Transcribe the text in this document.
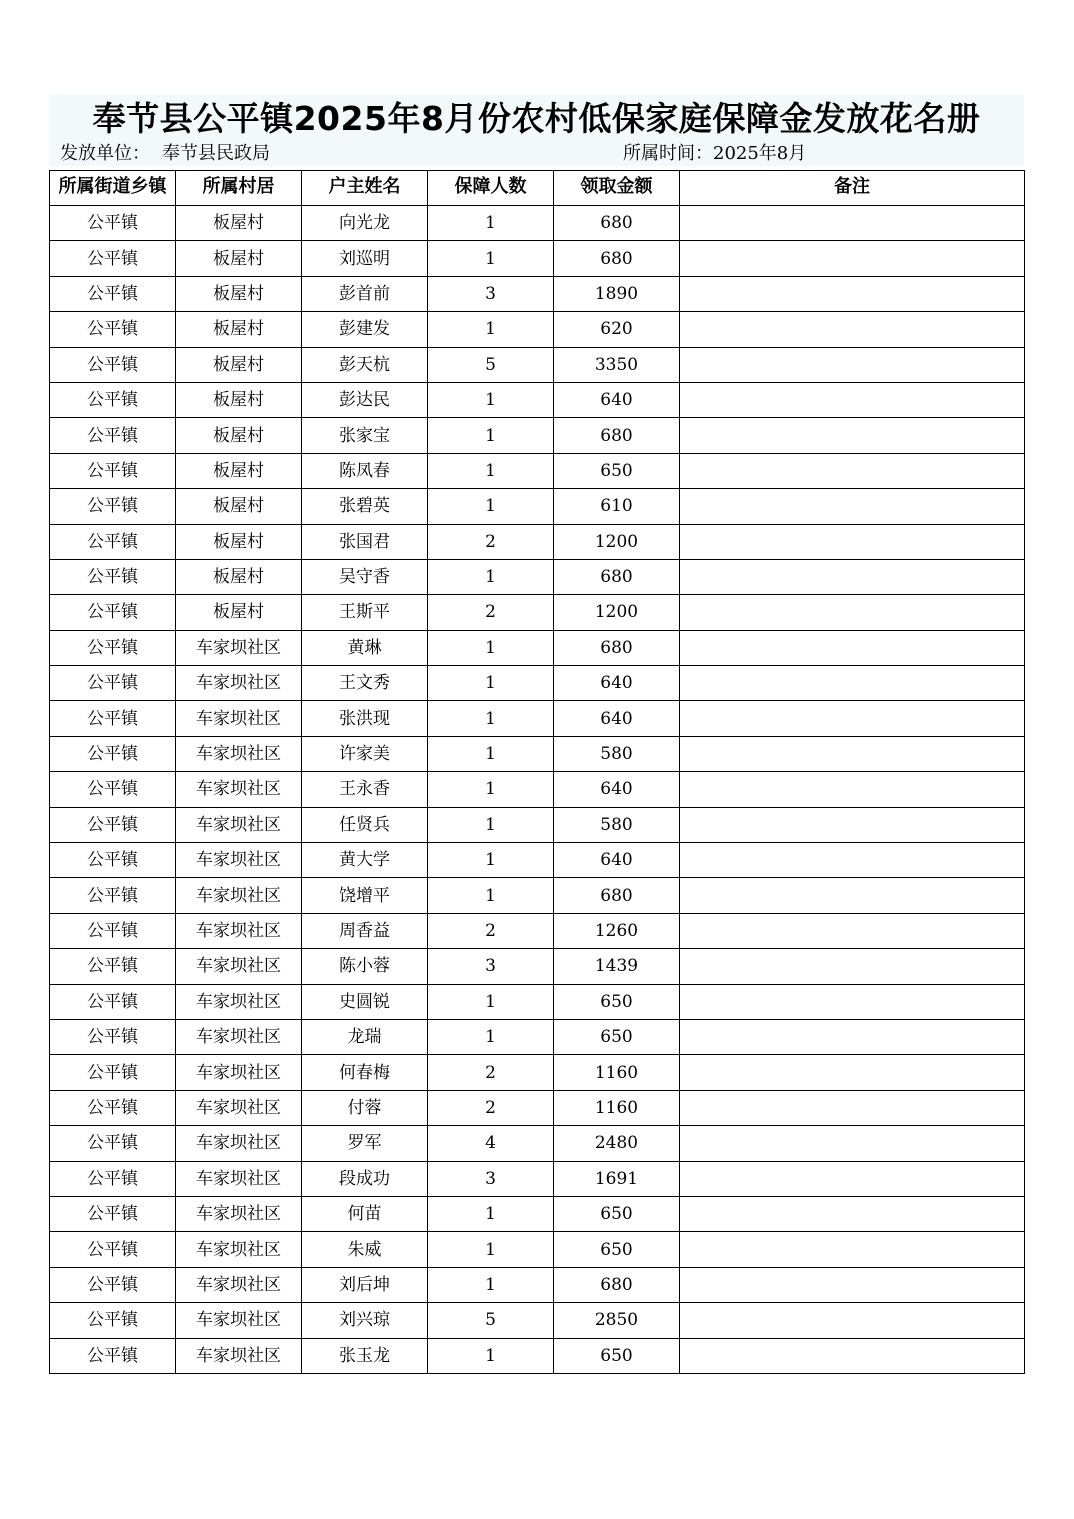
奉节县公平镇2025年8月份农村低保家庭保障金发放花名册
发放单位： 奉节县民政局	所属时间：2025年8月
所属街道乡镇	所属村居	户主姓名	保障人数	领取金额	备注
公平镇	板屋村	向光龙	1	680	
公平镇	板屋村	刘巡明	1	680	
公平镇	板屋村	彭首前	3	1890	
公平镇	板屋村	彭建发	1	620	
公平镇	板屋村	彭天杭	5	3350	
公平镇	板屋村	彭达民	1	640	
公平镇	板屋村	张家宝	1	680	
公平镇	板屋村	陈凤春	1	650	
公平镇	板屋村	张碧英	1	610	
公平镇	板屋村	张国君	2	1200	
公平镇	板屋村	吴守香	1	680	
公平镇	板屋村	王斯平	2	1200	
公平镇	车家坝社区	黄琳	1	680	
公平镇	车家坝社区	王文秀	1	640	
公平镇	车家坝社区	张洪现	1	640	
公平镇	车家坝社区	许家美	1	580	
公平镇	车家坝社区	王永香	1	640	
公平镇	车家坝社区	任贤兵	1	580	
公平镇	车家坝社区	黄大学	1	640	
公平镇	车家坝社区	饶增平	1	680	
公平镇	车家坝社区	周香益	2	1260	
公平镇	车家坝社区	陈小蓉	3	1439	
公平镇	车家坝社区	史圆锐	1	650	
公平镇	车家坝社区	龙瑞	1	650	
公平镇	车家坝社区	何春梅	2	1160	
公平镇	车家坝社区	付蓉	2	1160	
公平镇	车家坝社区	罗军	4	2480	
公平镇	车家坝社区	段成功	3	1691	
公平镇	车家坝社区	何苗	1	650	
公平镇	车家坝社区	朱威	1	650	
公平镇	车家坝社区	刘后坤	1	680	
公平镇	车家坝社区	刘兴琼	5	2850	
公平镇	车家坝社区	张玉龙	1	650	
